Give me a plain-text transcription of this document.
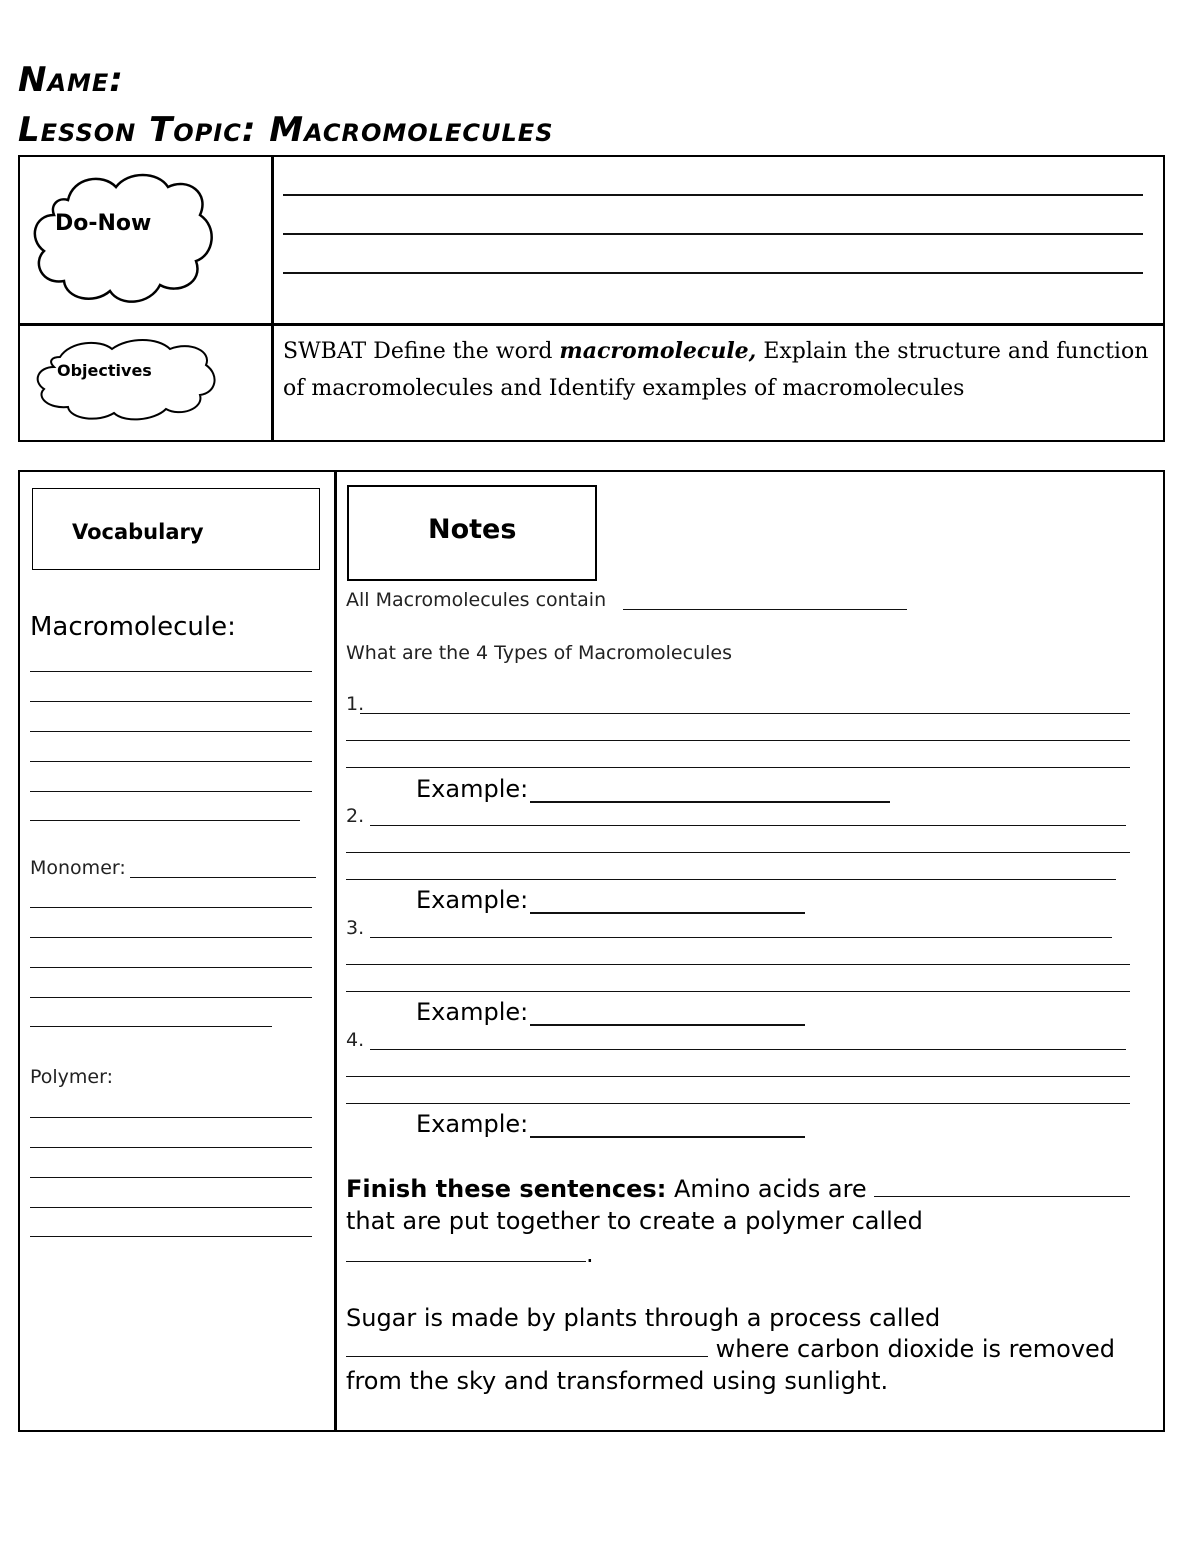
Name:
Lesson Topic: Macromolecules
Do-Now
Objectives
SWBAT Define the word macromolecule, Explain the structure and function
of macromolecules and Identify examples of macromolecules
Vocabulary
Macromolecule:
Monomer:
Polymer:
Notes
All Macromolecules contain
What are the 4 Types of Macromolecules
1.
Example:
2.
Example:
3.
Example:
4.
Example:
Finish these sentences: Amino acids are
that are put together to create a polymer called
.
Sugar is made by plants through a process called
where carbon dioxide is removed
from the sky and transformed using sunlight.
